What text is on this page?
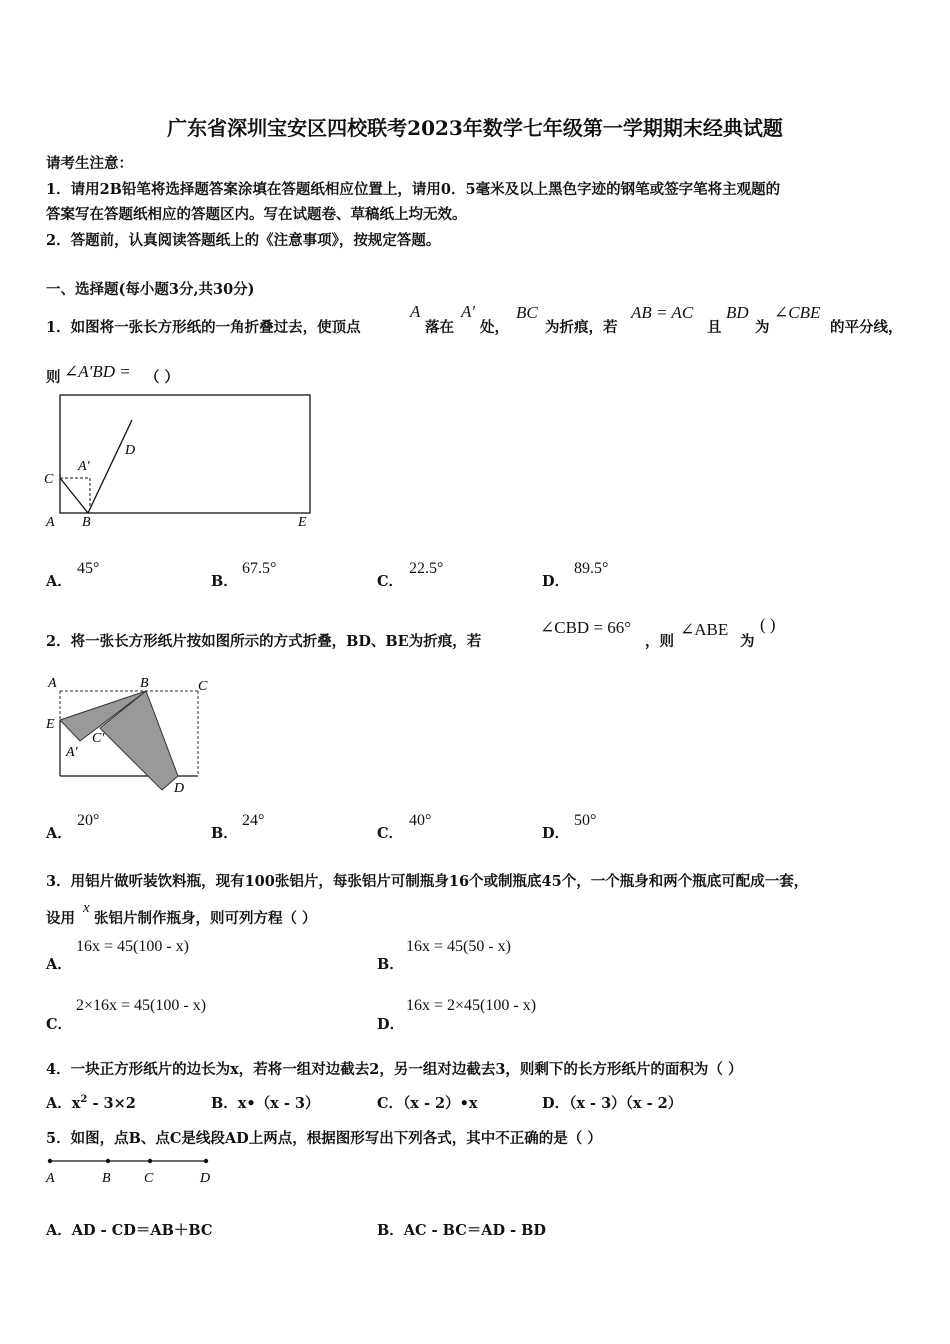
广东省深圳宝安区四校联考2023年数学七年级第一学期期末经典试题
请考生注意：
1．请用2B铅笔将选择题答案涂填在答题纸相应位置上，请用0．5毫米及以上黑色字迹的钢笔或签字笔将主观题的
答案写在答题纸相应的答题区内。写在试题卷、草稿纸上均无效。
2．答题前，认真阅读答题纸上的《注意事项》，按规定答题。
一、选择题(每小题3分,共30分)
1．如图将一张长方形纸的一角折叠过去，使顶点
A
落在
A′
处，
BC
为折痕，若
AB = AC
且
BD
为
∠CBE
的平分线，
则 ∠A′BD = （ ）
C
A′
D
A B	E
A．
45°
B．
67.5°
C．
22.5°
D．
89.5°
2．将一张长方形纸片按如图所示的方式折叠，BD、BE为折痕，若
∠CBD = 66°
，则
∠ABE
为
( )
A	B	C
E
C′
A′
D
A．
20°
B．
24°
C．
40°
D．
50°
3．用铝片做听装饮料瓶，现有100张铝片，每张铝片可制瓶身16个或制瓶底45个，一个瓶身和两个瓶底可配成一套，
设用
x
张铝片制作瓶身，则可列方程（ ）
A．
16x = 45(100 - x)
B．
16x = 45(50 - x)
C．
2×16x = 45(100 - x)
D．
16x = 2×45(100 - x)
4．一块正方形纸片的边长为x，若将一组对边截去2，另一组对边截去3，则剩下的长方形纸片的面积为（ ）
A．$x^2 - 3\times 2$	B．x•（x - 3）	C．（x - 2）•x	D．（x - 3）（x - 2）
5．如图，点B、点C是线段AD上两点，根据图形写出下列各式，其中不正确的是（ ）
A	B C	D
A．AD - CD＝AB＋BC	B．AC - BC＝AD - BD
